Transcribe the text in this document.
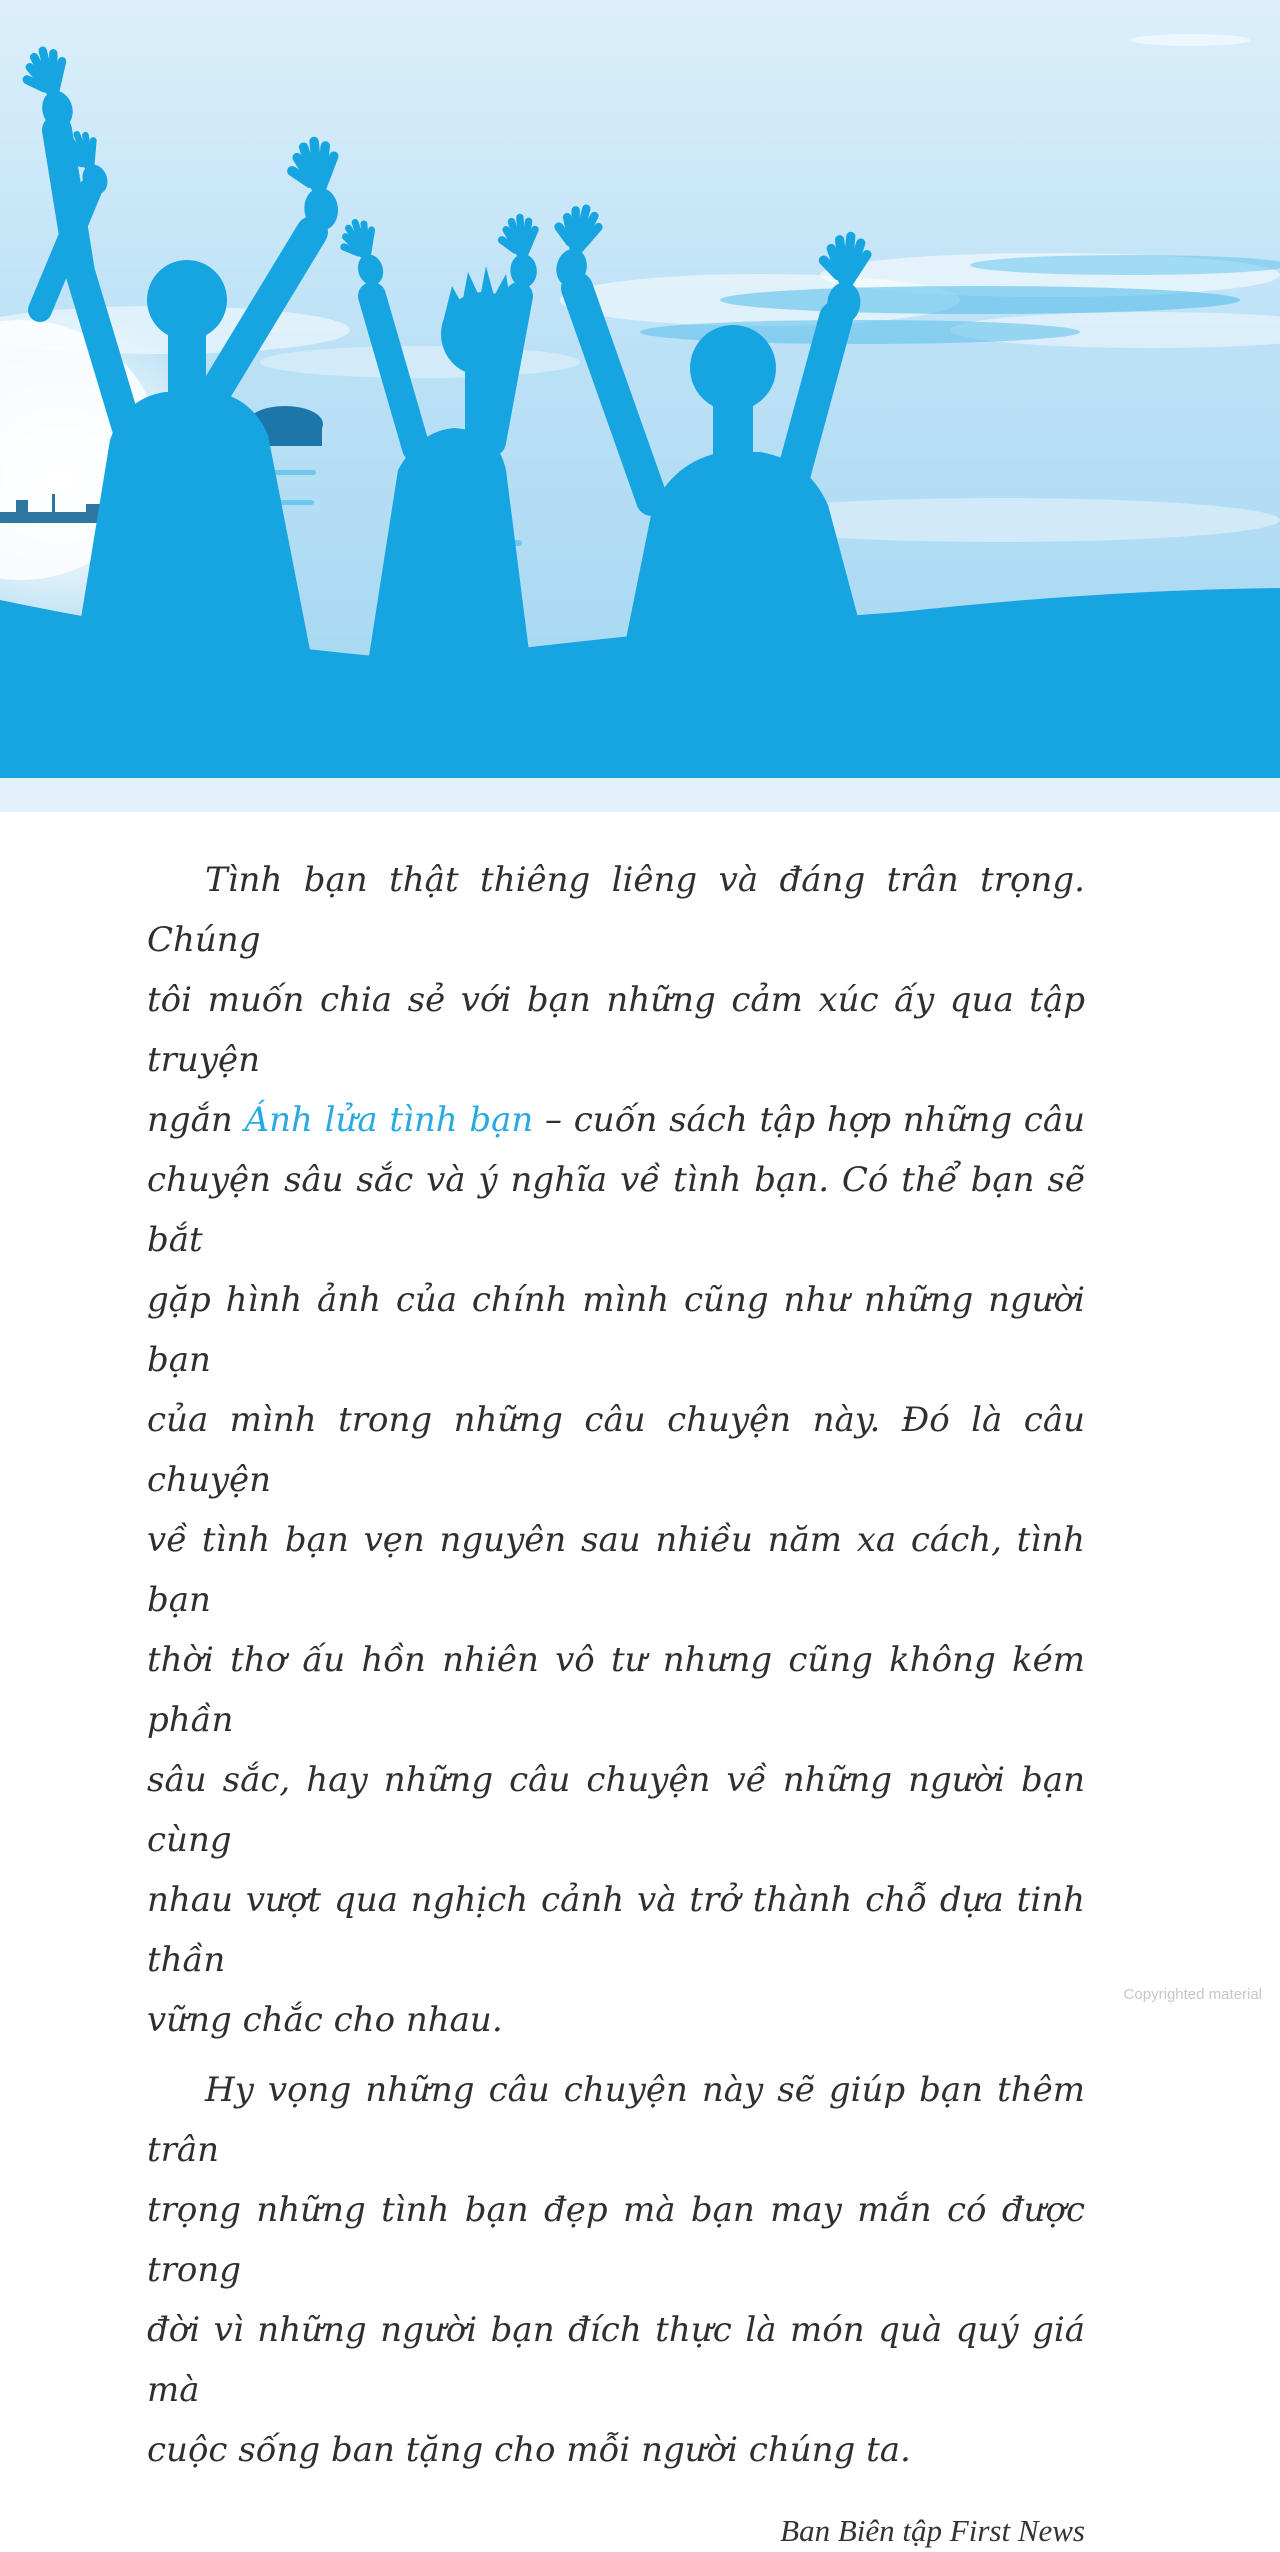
Tình bạn thật thiêng liêng và đáng trân trọng. Chúng

tôi muốn chia sẻ với bạn những cảm xúc ấy qua tập truyện

ngắn Ánh lửa tình bạn – cuốn sách tập hợp những câu

chuyện sâu sắc và ý nghĩa về tình bạn. Có thể bạn sẽ bắt

gặp hình ảnh của chính mình cũng như những người bạn

của mình trong những câu chuyện này. Đó là câu chuyện

về tình bạn vẹn nguyên sau nhiều năm xa cách, tình bạn

thời thơ ấu hồn nhiên vô tư nhưng cũng không kém phần

sâu sắc, hay những câu chuyện về những người bạn cùng

nhau vượt qua nghịch cảnh và trở thành chỗ dựa tinh thần

vững chắc cho nhau.

Hy vọng những câu chuyện này sẽ giúp bạn thêm trân

trọng những tình bạn đẹp mà bạn may mắn có được trong

đời vì những người bạn đích thực là món quà quý giá mà

cuộc sống ban tặng cho mỗi người chúng ta.

Ban Biên tập First News
Copyrighted material
